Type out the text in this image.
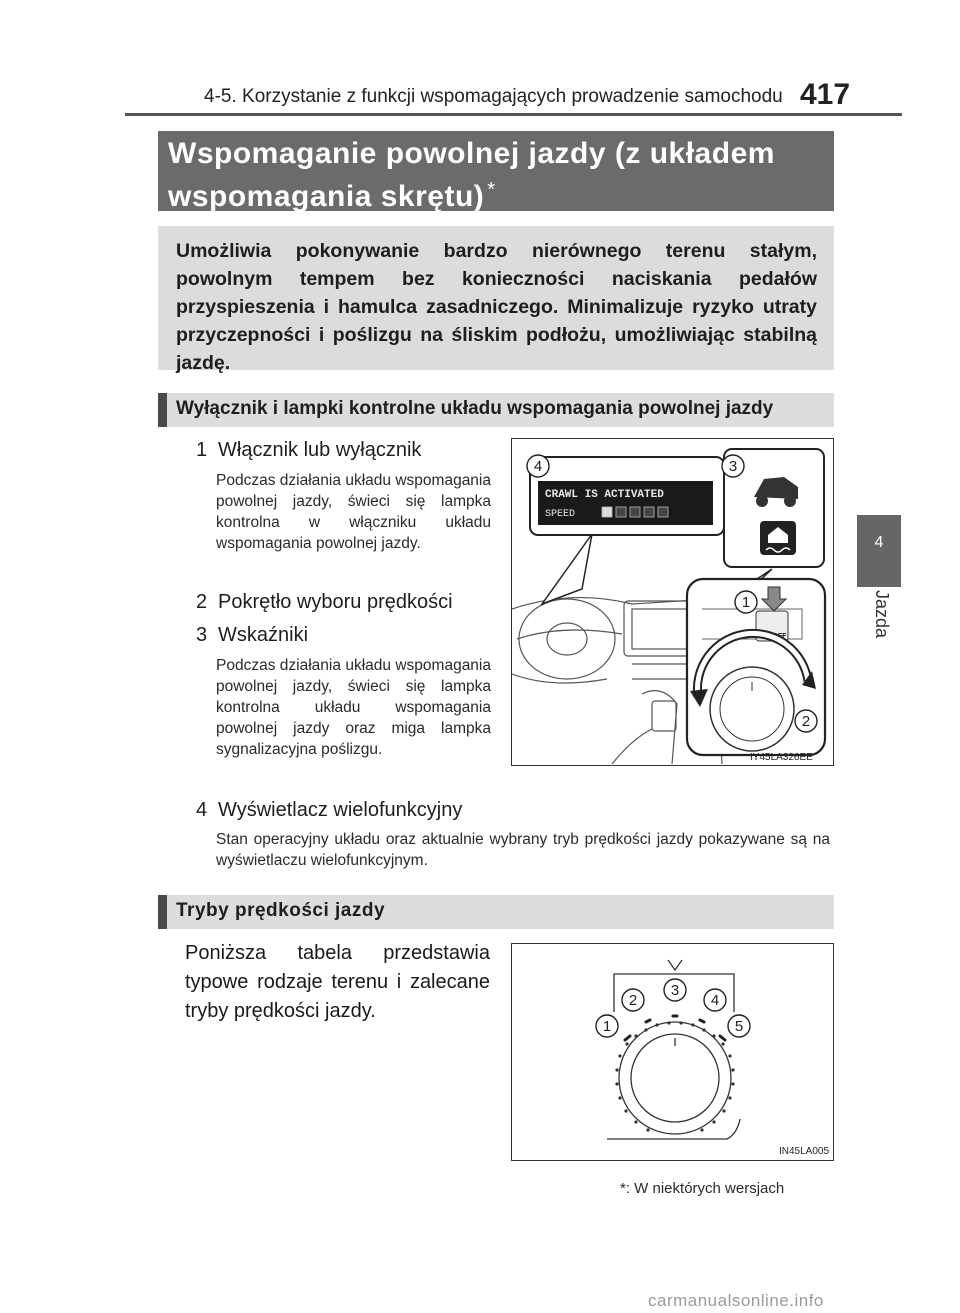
4-5. Korzystanie z funkcji wspomagających prowadzenie samochodu 417
4
Jazda
Wspomaganie powolnej jazdy (z układem wspomagania skrętu) *
Umożliwia pokonywanie bardzo nierównego terenu stałym, powolnym tempem bez konieczności naciskania pedałów przyspieszenia i hamulca zasadniczego. Minimalizuje ryzyko utraty przyczepności i poślizgu na śliskim podłożu, umożliwiając stabilną jazdę.
Wyłącznik i lampki kontrolne układu wspomagania powolnej jazdy
1 Włącznik lub wyłącznik
Podczas działania układu wspomagania powolnej jazdy, świeci się lampka kontrolna w włączniku układu wspomagania powolnej jazdy.
2 Pokrętło wyboru prędkości
3 Wskaźniki
Podczas działania układu wspomagania powolnej jazdy, świeci się lampka kontrolna układu wspomagania powolnej jazdy oraz miga lampka sygnalizacyjna poślizgu.
4 Wyświetlacz wielofunkcyjny
Stan operacyjny układu oraz aktualnie wybrany tryb prędkości jazdy pokazywane są na wyświetlaczu wielofunkcyjnym.
CRAWL IS ACTIVATED
SPEED
ON/OFF
4	3
1
2
IY45LA326EE
Tryby prędkości jazdy
Poniższa tabela przedstawia typowe rodzaje terenu i zalecane tryby prędkości jazdy.
1
2
3
4
5
IN45LA005
*: W niektórych wersjach
carmanualsonline.info
